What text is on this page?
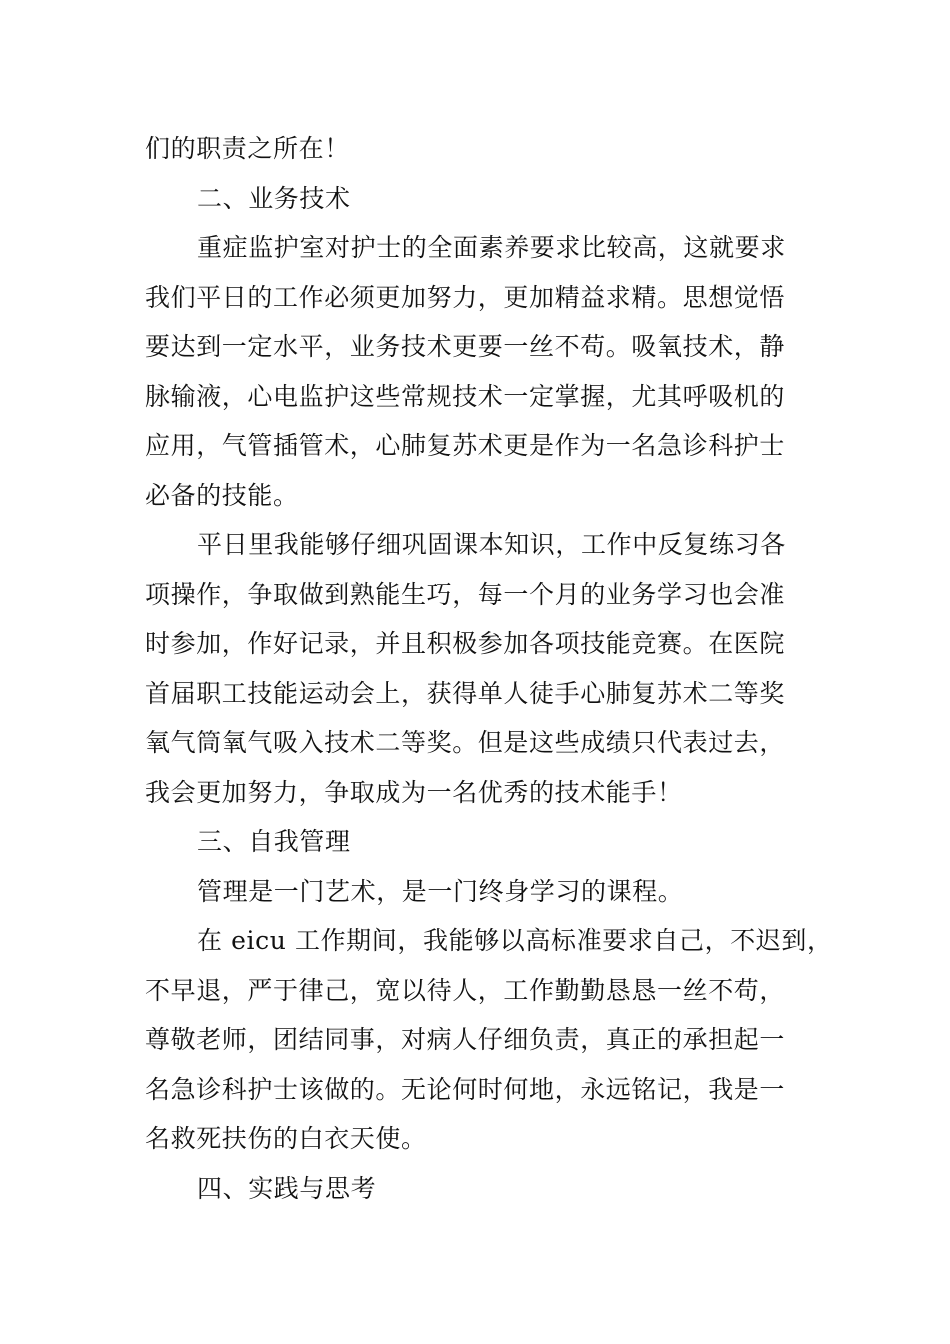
们的职责之所在！
二、业务技术
重症监护室对护士的全面素养要求比较高，这就要求
我们平日的工作必须更加努力，更加精益求精。思想觉悟
要达到一定水平，业务技术更要一丝不苟。吸氧技术，静
脉输液，心电监护这些常规技术一定掌握，尤其呼吸机的
应用，气管插管术，心肺复苏术更是作为一名急诊科护士
必备的技能。
平日里我能够仔细巩固课本知识，工作中反复练习各
项操作，争取做到熟能生巧，每一个月的业务学习也会准
时参加，作好记录，并且积极参加各项技能竞赛。在医院
首届职工技能运动会上，获得单人徒手心肺复苏术二等奖
氧气筒氧气吸入技术二等奖。但是这些成绩只代表过去，
我会更加努力，争取成为一名优秀的技术能手！
三、自我管理
管理是一门艺术，是一门终身学习的课程。
在 eicu 工作期间，我能够以高标准要求自己，不迟到，
不早退，严于律己，宽以待人，工作勤勤恳恳一丝不苟，
尊敬老师，团结同事，对病人仔细负责，真正的承担起一
名急诊科护士该做的。无论何时何地，永远铭记，我是一
名救死扶伤的白衣天使。
四、实践与思考
